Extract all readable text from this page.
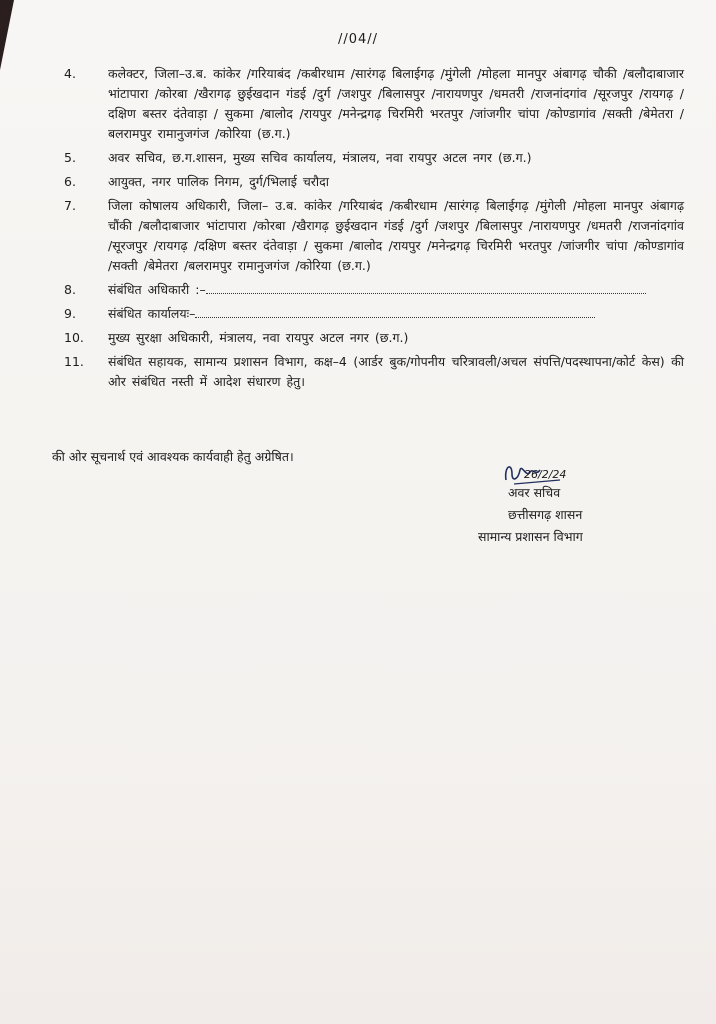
//04//
4.	कलेक्टर, जिला–उ.ब. कांकेर /गरियाबंद /कबीरधाम /सारंगढ़ बिलाईगढ़ /मुंगेली /मोहला मानपुर अंबागढ़ चौकी /बलौदाबाजार भांटापारा /कोरबा /खैरागढ़ छुईखदान गंडई /दुर्ग /जशपुर /बिलासपुर /नारायणपुर /धमतरी /राजनांदगांव /सूरजपुर /रायगढ़ /दक्षिण बस्तर दंतेवाड़ा / सुकमा /बालोद /रायपुर /मनेन्द्रगढ़ चिरमिरी भरतपुर /जांजगीर चांपा /कोण्डागांव /सक्ती /बेमेतरा /बलरामपुर रामानुजगंज /कोरिया (छ.ग.)
5.	अवर सचिव, छ.ग.शासन, मुख्य सचिव कार्यालय, मंत्रालय, नवा रायपुर अटल नगर (छ.ग.)
6.	आयुक्त, नगर पालिक निगम, दुर्ग/भिलाई चरौदा
7.	जिला कोषालय अधिकारी, जिला– उ.ब. कांकेर /गरियाबंद /कबीरधाम /सारंगढ़ बिलाईगढ़ /मुंगेली /मोहला मानपुर अंबागढ़ चौंकी /बलौदाबाजार भांटापारा /कोरबा /खैरागढ़ छुईखदान गंडई /दुर्ग /जशपुर /बिलासपुर /नारायणपुर /धमतरी /राजनांदगांव /सूरजपुर /रायगढ़ /दक्षिण बस्तर दंतेवाड़ा / सुकमा /बालोद /रायपुर /मनेन्द्रगढ़ चिरमिरी भरतपुर /जांजगीर चांपा /कोण्डागांव /सक्ती /बेमेतरा /बलरामपुर रामानुजगंज /कोरिया (छ.ग.)
8.	संबंधित अधिकारी :–
9.	संबंधित कार्यालयः–
10.	मुख्य सुरक्षा अधिकारी, मंत्रालय, नवा रायपुर अटल नगर (छ.ग.)
11.	संबंधित सहायक, सामान्य प्रशासन विभाग, कक्ष–4 (आर्डर बुक/गोपनीय चरित्रावली/अचल संपत्ति/पदस्थापना/कोर्ट केस) की ओर संबंधित नस्ती में आदेश संधारण हेतु।
की ओर सूचनार्थ एवं आवश्यक कार्यवाही हेतु अग्रेषित।
26/2/24
अवर सचिव
छत्तीसगढ़ शासन
सामान्य प्रशासन विभाग
